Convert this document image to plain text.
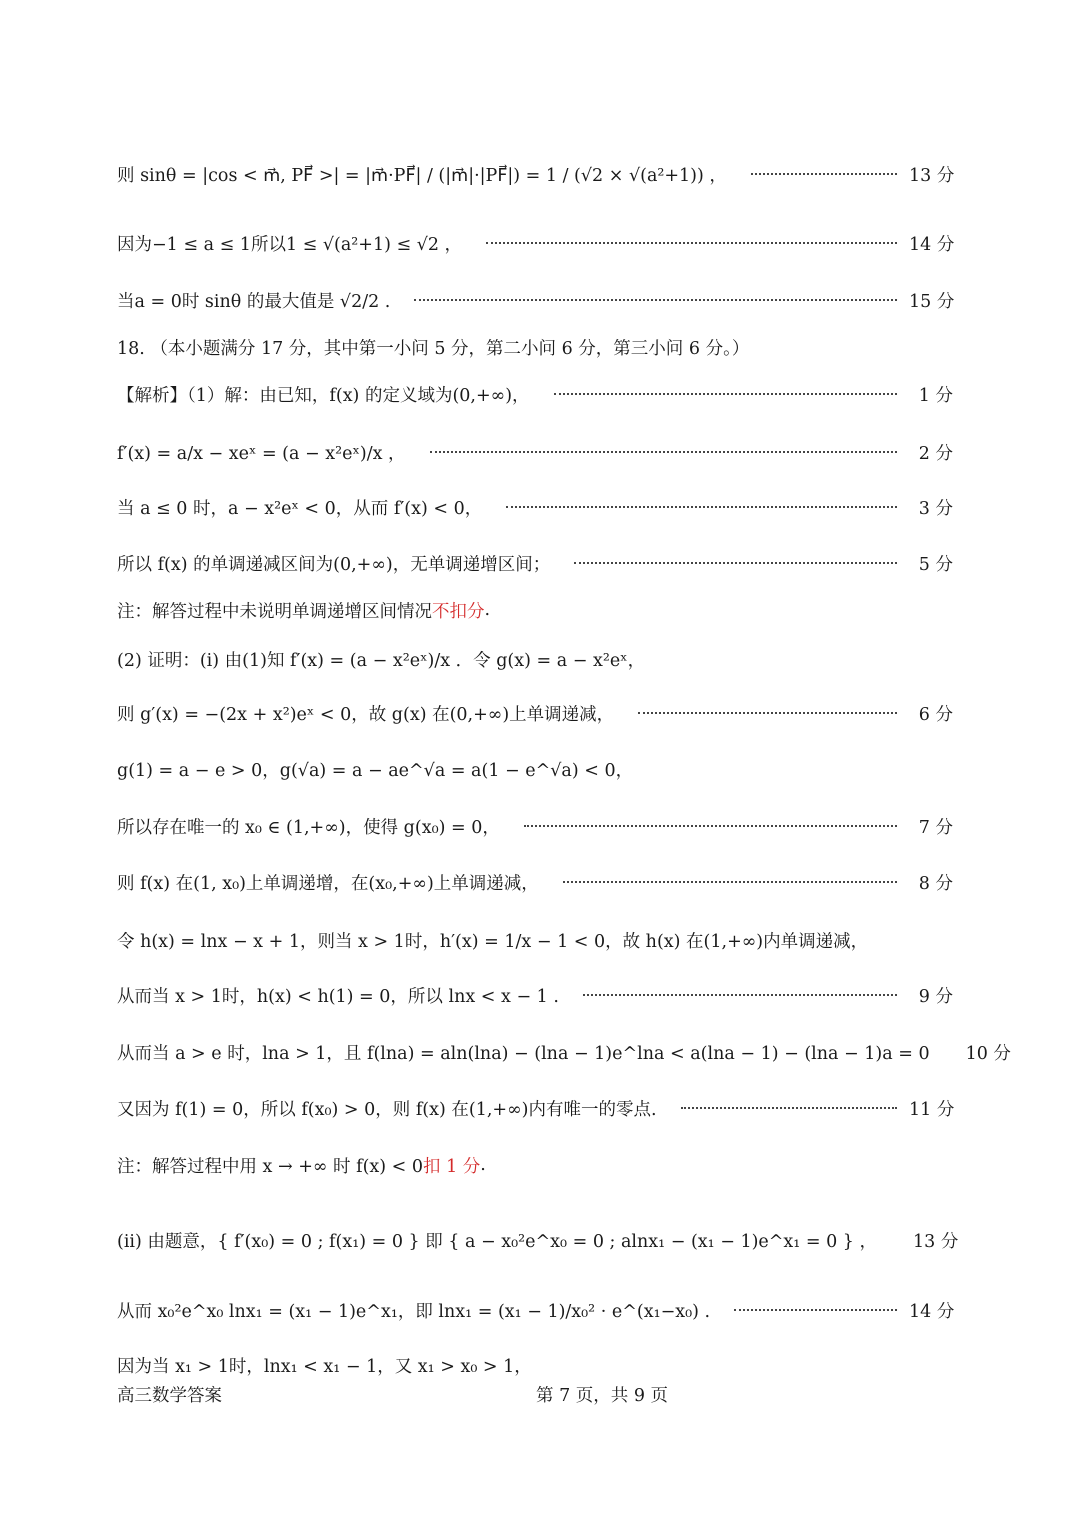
则 sinθ = |cos < m⃗, PF⃗ >| = |m⃗·PF⃗| / (|m⃗|·|PF⃗|) = 1 / (√2 × √(a²+1)) ，	13 分
因为−1 ≤ a ≤ 1所以1 ≤ √(a²+1) ≤ √2 ，	14 分
当a = 0时 sinθ 的最大值是 √2/2 .	15 分
18. （本小题满分 17 分，其中第一小问 5 分，第二小问 6 分，第三小问 6 分。）
【解析】（1）解：由已知，f(x) 的定义域为(0,+∞)，	1 分
f′(x) = a/x − xeˣ = (a − x²eˣ)/x ，	2 分
当 a ≤ 0 时，a − x²eˣ < 0，从而 f′(x) < 0，	3 分
所以 f(x) 的单调递减区间为(0,+∞)，无单调递增区间；	5 分
注：解答过程中未说明单调递增区间情况 不扣分 .
(2) 证明：(i) 由(1)知 f′(x) = (a − x²eˣ)/x ．令 g(x) = a − x²eˣ，
则 g′(x) = −(2x + x²)eˣ < 0，故 g(x) 在(0,+∞)上单调递减，	6 分
g(1) = a − e > 0，g(√a) = a − ae^√a = a(1 − e^√a) < 0，
所以存在唯一的 x₀ ∈ (1,+∞)，使得 g(x₀) = 0，	7 分
则 f(x) 在(1, x₀)上单调递增，在(x₀,+∞)上单调递减，	8 分
令 h(x) = lnx − x + 1，则当 x > 1时，h′(x) = 1/x − 1 < 0，故 h(x) 在(1,+∞)内单调递减，
从而当 x > 1时，h(x) < h(1) = 0，所以 lnx < x − 1 .	9 分
从而当 a > e 时，lna > 1，且 f(lna) = aln(lna) − (lna − 1)e^lna < a(lna − 1) − (lna − 1)a = 0 10 分
又因为 f(1) = 0，所以 f(x₀) > 0，则 f(x) 在(1,+∞)内有唯一的零点.	11 分
注：解答过程中用 x → +∞ 时 f(x) < 0 扣 1 分 .
(ii) 由题意，{ f′(x₀) = 0 ; f(x₁) = 0 } 即 { a − x₀²e^x₀ = 0 ; alnx₁ − (x₁ − 1)e^x₁ = 0 } ， 13 分
从而 x₀²e^x₀ lnx₁ = (x₁ − 1)e^x₁，即 lnx₁ = (x₁ − 1)/x₀² · e^(x₁−x₀) .	14 分
因为当 x₁ > 1时，lnx₁ < x₁ − 1，又 x₁ > x₀ > 1，
高三数学答案	第 7 页，共 9 页
